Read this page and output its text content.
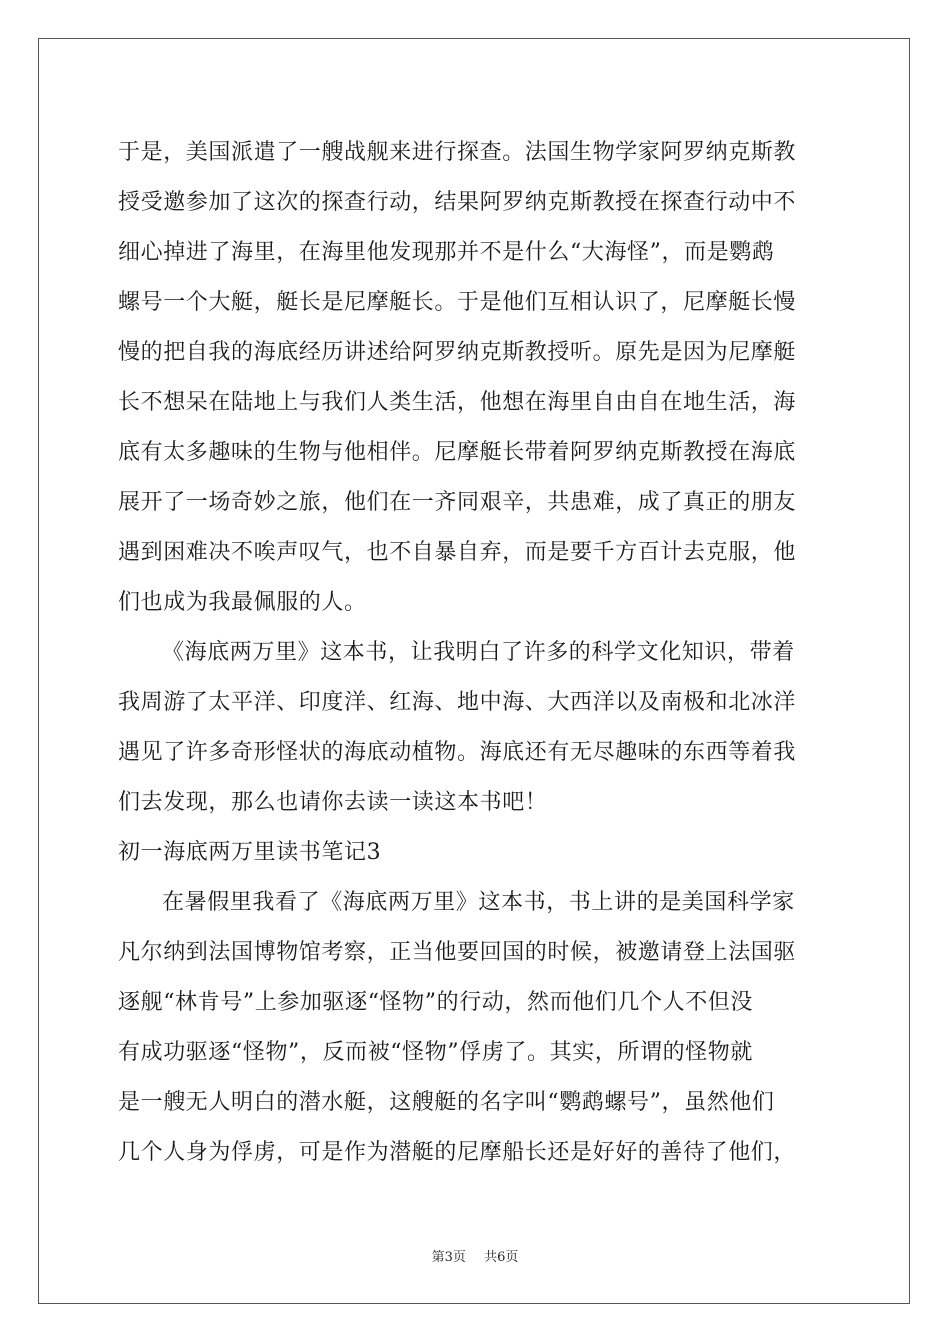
于是，美国派遣了一艘战舰来进行探查。法国生物学家阿罗纳克斯教
授受邀参加了这次的探查行动，结果阿罗纳克斯教授在探查行动中不
细心掉进了海里，在海里他发现那并不是什么“大海怪”，而是鹦鹉
螺号一个大艇，艇长是尼摩艇长。于是他们互相认识了，尼摩艇长慢
慢的把自我的海底经历讲述给阿罗纳克斯教授听。原先是因为尼摩艇
长不想呆在陆地上与我们人类生活，他想在海里自由自在地生活，海
底有太多趣味的生物与他相伴。尼摩艇长带着阿罗纳克斯教授在海底
展开了一场奇妙之旅，他们在一齐同艰辛，共患难，成了真正的朋友
遇到困难决不唉声叹气，也不自暴自弃，而是要千方百计去克服，他
们也成为我最佩服的人。
《海底两万里》这本书，让我明白了许多的科学文化知识，带着
我周游了太平洋、印度洋、红海、地中海、大西洋以及南极和北冰洋
遇见了许多奇形怪状的海底动植物。海底还有无尽趣味的东西等着我
们去发现，那么也请你去读一读这本书吧！
初一海底两万里读书笔记3
在暑假里我看了《海底两万里》这本书，书上讲的是美国科学家
凡尔纳到法国博物馆考察，正当他要回国的时候，被邀请登上法国驱
逐舰“林肯号”上参加驱逐“怪物”的行动，然而他们几个人不但没
有成功驱逐“怪物”，反而被“怪物”俘虏了。其实，所谓的怪物就
是一艘无人明白的潜水艇，这艘艇的名字叫“鹦鹉螺号”，虽然他们
几个人身为俘虏，可是作为潜艇的尼摩船长还是好好的善待了他们，
第3页 共6页
